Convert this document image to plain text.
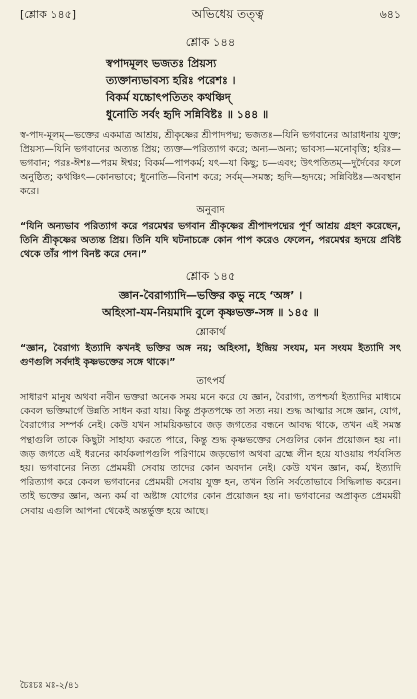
[শ্লোক ১৪৫]	অভিধেয় তত্ত্ব	৬৪১
শ্লোক ১৪৪
স্বপাদমূলং ভজতঃ প্রিয়স্য
ত্যক্তান্যভাবস্য হরিঃ পরেশঃ ।
বিকর্ম যচ্চোৎপতিতং কথঞ্চিদ্
ধুনোতি সর্বং হৃদি সন্নিবিষ্টঃ ॥ ১৪৪ ॥
স্ব-পাদ-মূলম্—ভক্তের একমাত্র আশ্রয়, শ্রীকৃষ্ণের শ্রীপাদপদ্ম; ভজতঃ—যিনি ভগবানের আরাধনায় যুক্ত; প্রিয়স্য—যিনি ভগবানের অত্যন্ত প্রিয়; ত্যক্ত—পরিত্যাগ করে; অন্য—অন্য; ভাবস্য—মনোবৃত্তি; হরিঃ—ভগবান; পরঃ-ঈশঃ—পরম ঈশ্বর; বিকর্ম—পাপকর্ম; যৎ—যা কিছু; চ—এবং; উৎপতিতম্—দুর্দৈবের ফলে অনুষ্ঠিত; কথঞ্চিৎ—কোনভাবে; ধুনোতি—বিনাশ করে; সর্বম্—সমস্ত; হৃদি—হৃদয়ে; সন্নিবিষ্টঃ—অবস্থান করে।
অনুবাদ
“যিনি অন্যভাব পরিত্যাগ করে পরমেশ্বর ভগবান শ্রীকৃষ্ণের শ্রীপাদপদ্মের পূর্ণ আশ্রয় গ্রহণ করেছেন, তিনি শ্রীকৃষ্ণের অত্যন্ত প্রিয়। তিনি যদি ঘটনাচক্রে কোন পাপ করেও ফেলেন, পরমেশ্বর হৃদয়ে প্রবিষ্ট থেকে তাঁর পাপ বিনষ্ট করে দেন।”
শ্লোক ১৪৫
জ্ঞান-বৈরাগ্যাদি—ভক্তির কভু নহে ‘অঙ্গ’ ।
অহিংসা-যম-নিয়মাদি বুলে কৃষ্ণভক্ত-সঙ্গ ॥ ১৪৫ ॥
শ্লোকার্থ
“জ্ঞান, বৈরাগ্য ইত্যাদি কখনই ভক্তির অঙ্গ নয়; অহিংসা, ইন্দ্রিয় সংযম, মন সংযম ইত্যাদি সৎ গুণগুলি সর্বদাই কৃষ্ণভক্তের সঙ্গে থাকে।”
তাৎপর্য
সাধারণ মানুষ অথবা নবীন ভক্তরা অনেক সময় মনে করে যে জ্ঞান, বৈরাগ্য, তপশ্চর্যা ইত্যাদির মাধ্যমে কেবল ভক্তিমার্গে উন্নতি সাধন করা যায়। কিন্তু প্রকৃতপক্ষে তা সত্য নয়। শুদ্ধ আত্মার সঙ্গে জ্ঞান, যোগ, বৈরাগ্যের সম্পর্ক নেই। কেউ যখন সাময়িকভাবে জড় জগতের বন্ধনে আবদ্ধ থাকে, তখন এই সমস্ত পন্থাগুলি তাকে কিছুটা সাহায্য করতে পারে, কিন্তু শুদ্ধ কৃষ্ণভক্তের সেগুলির কোন প্রয়োজন হয় না। জড় জগতে এই ধরনের কার্যকলাপগুলি পরিণামে জড়ভোগ অথবা ব্রহ্মে লীন হয়ে যাওয়ায় পর্যবসিত হয়। ভগবানের নিত্য প্রেমময়ী সেবায় তাদের কোন অবদান নেই। কেউ যখন জ্ঞান, কর্ম, ইত্যাদি পরিত্যাগ করে কেবল ভগবানের প্রেমময়ী সেবায় যুক্ত হন, তখন তিনি সর্বতোভাবে সিদ্ধিলাভ করেন। তাই ভক্তের জ্ঞান, অন্য কর্ম বা অষ্টাঙ্গ যোগের কোন প্রয়োজন হয় না। ভগবানের অপ্রাকৃত প্রেমময়ী সেবায় এগুলি আপনা থেকেই অন্তর্ভুক্ত হয়ে আছে।
চৈঃচঃ মঃ-২/৪১
